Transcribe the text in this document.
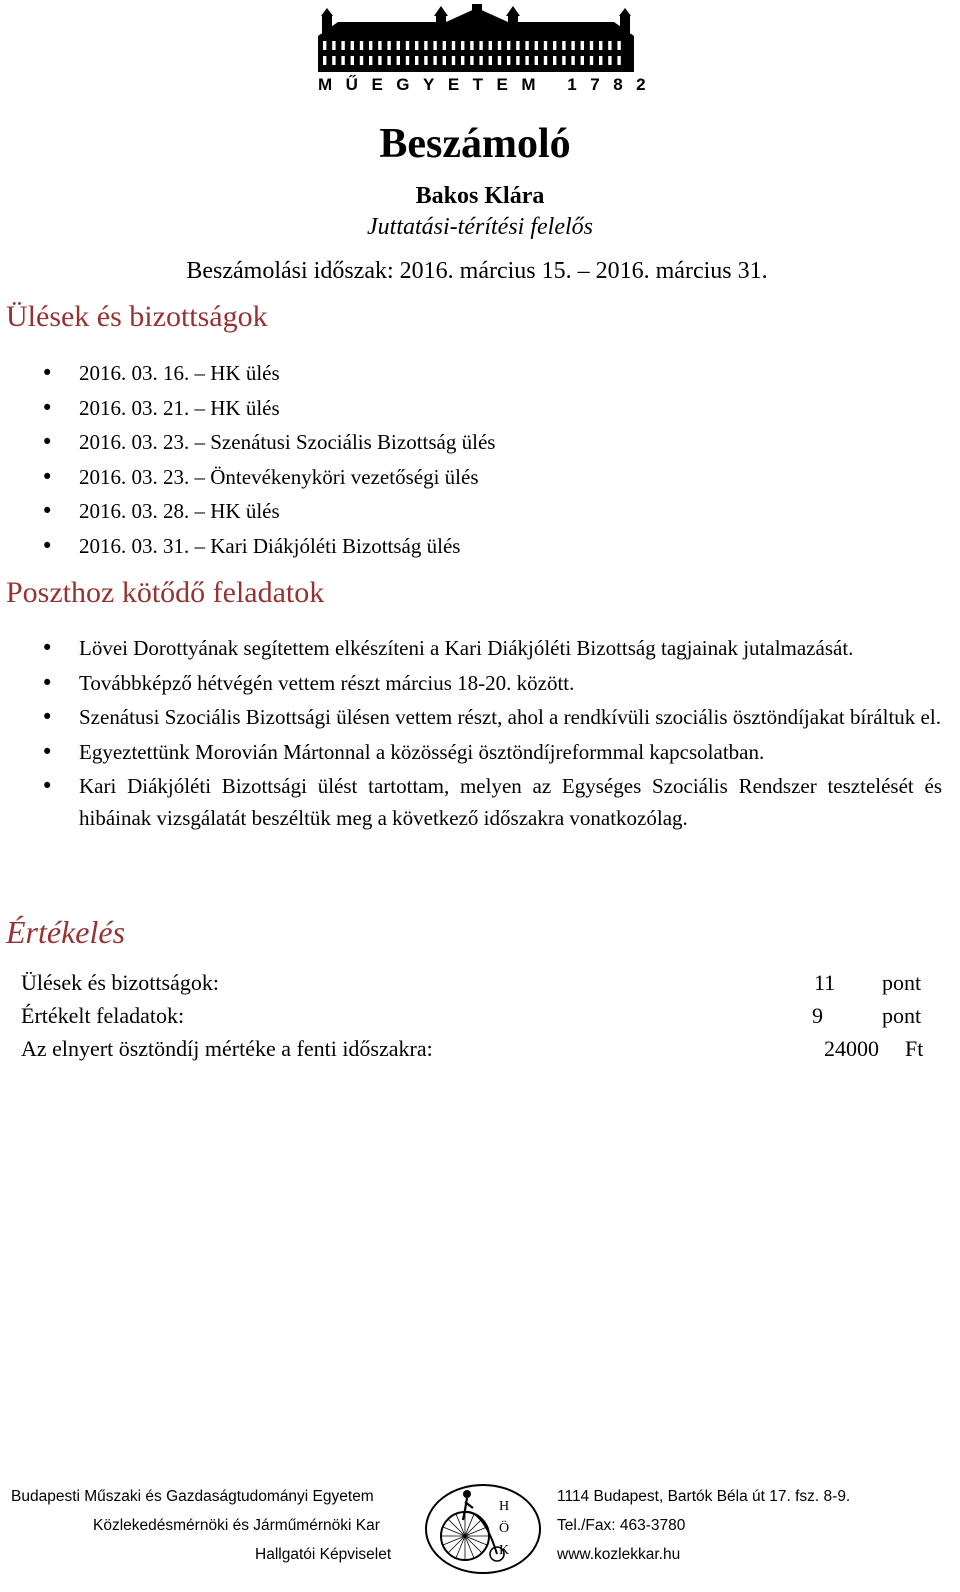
MŰEGYETEM 1782
Beszámoló
Bakos Klára
Juttatási-térítési felelős
Beszámolási időszak: 2016. március 15. – 2016. március 31.
Ülések és bizottságok
• 2016. 03. 16. – HK ülés
• 2016. 03. 21. – HK ülés
• 2016. 03. 23. – Szenátusi Szociális Bizottság ülés
• 2016. 03. 23. – Öntevékenyköri vezetőségi ülés
• 2016. 03. 28. – HK ülés
• 2016. 03. 31. – Kari Diákjóléti Bizottság ülés
Poszthoz kötődő feladatok
• Lövei Dorottyának segítettem elkészíteni a Kari Diákjóléti Bizottság tagjainak jutalmazását.
• Továbbképző hétvégén vettem részt március 18-20. között.
• Szenátusi Szociális Bizottsági ülésen vettem részt, ahol a rendkívüli szociális ösztöndíjakat bíráltuk el.
• Egyeztettünk Morovián Mártonnal a közösségi ösztöndíjreformmal kapcsolatban.
• Kari Diákjóléti Bizottsági ülést tartottam, melyen az Egységes Szociális Rendszer tesztelését és hibáinak vizsgálatát beszéltük meg a következő időszakra vonatkozólag.
Értékelés
Ülések és bizottságok:	11 pont
Értékelt feladatok:	9	pont
Az elnyert ösztöndíj mértéke a fenti időszakra:	24000 Ft
Budapesti Műszaki és Gazdaságtudományi Egyetem
Közlekedésmérnöki és Járműmérnöki Kar
Hallgatói Képviselet
H
Ö
K
1114 Budapest, Bartók Béla út 17. fsz. 8-9.
Tel./Fax: 463-3780
www.kozlekkar.hu
